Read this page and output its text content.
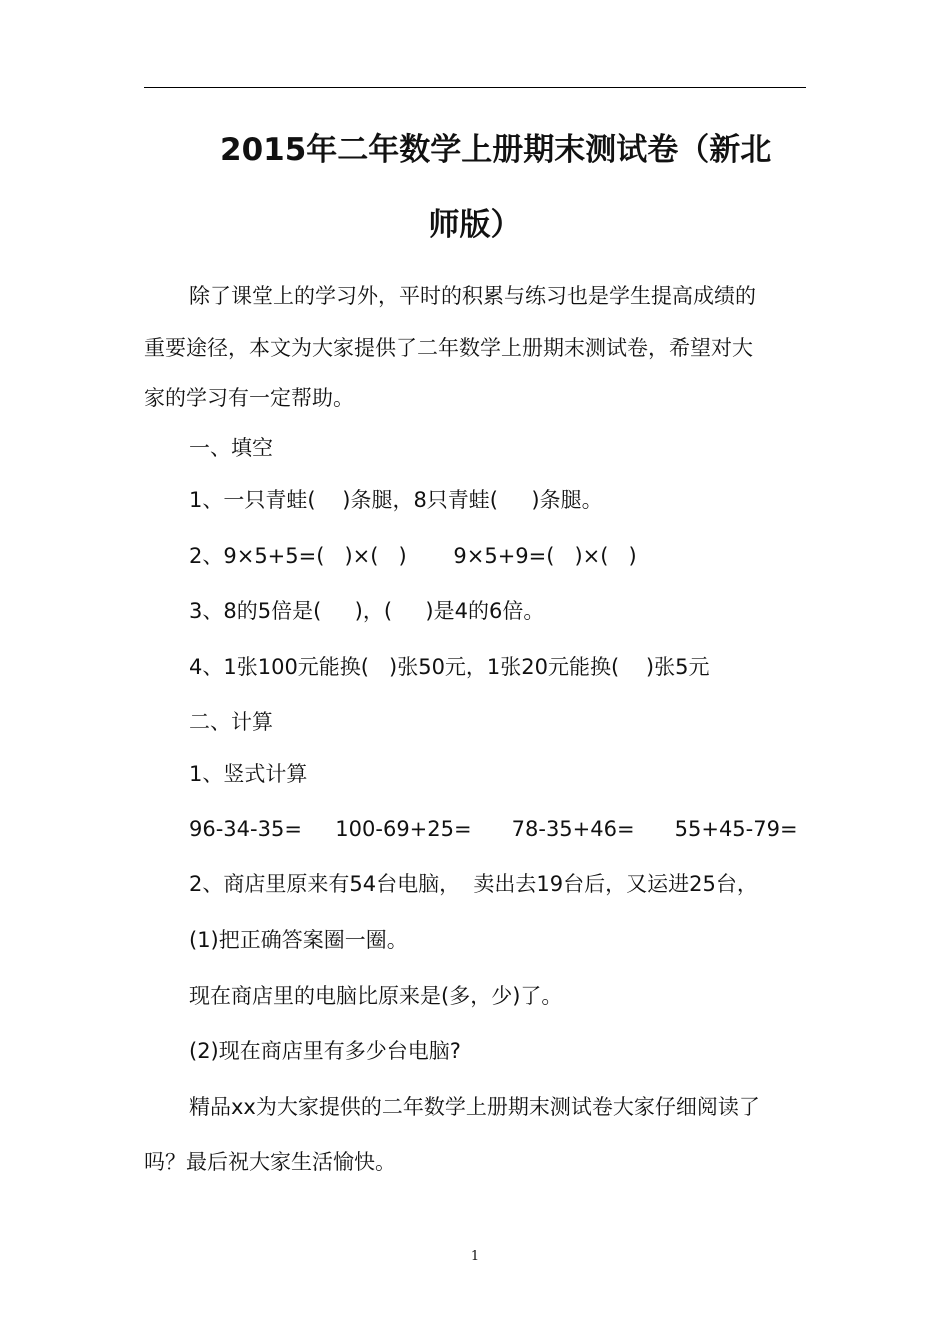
2015年二年数学上册期末测试卷（新北
师版）
除了课堂上的学习外，平时的积累与练习也是学生提高成绩的
重要途径，本文为大家提供了二年数学上册期末测试卷，希望对大
家的学习有一定帮助。
一、填空
1、一只青蛙(    )条腿，8只青蛙(     )条腿。
2、9×5+5=(   )×(   )       9×5+9=(   )×(   )
3、8的5倍是(     )，(     )是4的6倍。
4、1张100元能换(   )张50元，1张20元能换(    )张5元
二、计算
1、竖式计算
96-34-35=     100-69+25=      78-35+46=      55+45-79=
2、商店里原来有54台电脑，  卖出去19台后，又运进25台，
(1)把正确答案圈一圈。
现在商店里的电脑比原来是(多，少)了。
(2)现在商店里有多少台电脑?
精品xx为大家提供的二年数学上册期末测试卷大家仔细阅读了
吗？最后祝大家生活愉快。
1
